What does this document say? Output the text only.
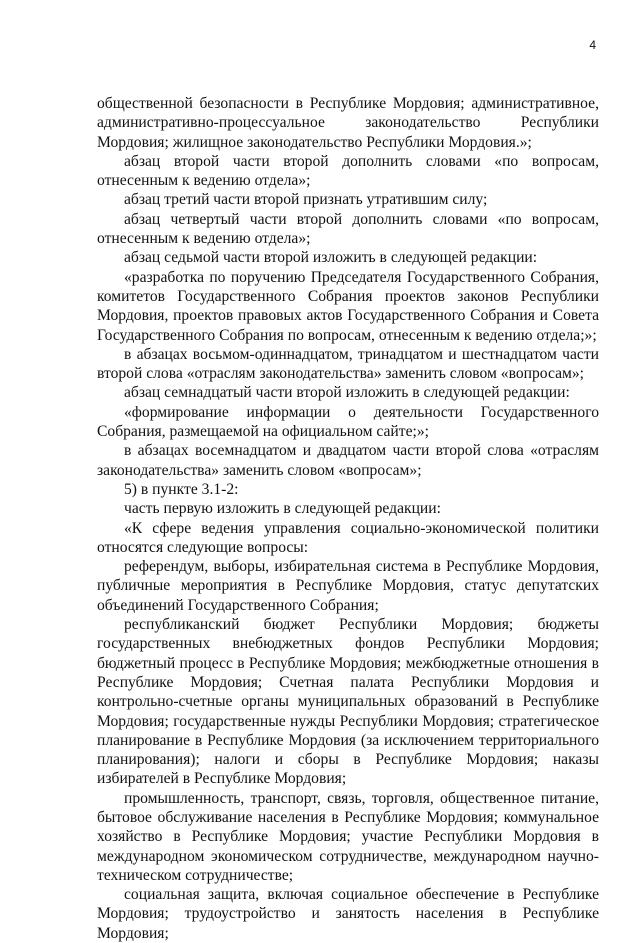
4

общественной безопасности в Республике Мордовия; административное, административно-процессуальное законодательство Республики Мордовия; жилищное законодательство Республики Мордовия.»;

абзац второй части второй дополнить словами «по вопросам, отнесенным к ведению отдела»;

абзац третий части второй признать утратившим силу;

абзац четвертый части второй дополнить словами «по вопросам, отнесенным к ведению отдела»;

абзац седьмой части второй изложить в следующей редакции:

«разработка по поручению Председателя Государственного Собрания, комитетов Государственного Собрания проектов законов Республики Мордовия, проектов правовых актов Государственного Собрания и Совета Государственного Собрания по вопросам, отнесенным к ведению отдела;»;

в абзацах восьмом-одиннадцатом, тринадцатом и шестнадцатом части второй слова «отраслям законодательства» заменить словом «вопросам»;

абзац семнадцатый части второй изложить в следующей редакции:

«формирование информации о деятельности Государственного Собрания, размещаемой на официальном сайте;»;

в абзацах восемнадцатом и двадцатом части второй слова «отраслям законодательства» заменить словом «вопросам»;

5) в пункте 3.1-2:

часть первую изложить в следующей редакции:

«К сфере ведения управления социально-экономической политики относятся следующие вопросы:

референдум, выборы, избирательная система в Республике Мордовия, публичные мероприятия в Республике Мордовия, статус депутатских объединений Государственного Собрания;

республиканский бюджет Республики Мордовия; бюджеты государственных внебюджетных фондов Республики Мордовия; бюджетный процесс в Республике Мордовия; межбюджетные отношения в Республике Мордовия; Счетная палата Республики Мордовия и контрольно-счетные органы муниципальных образований в Республике Мордовия; государственные нужды Республики Мордовия; стратегическое планирование в Республике Мордовия (за исключением территориального планирования); налоги и сборы в Республике Мордовия; наказы избирателей в Республике Мордовия;

промышленность, транспорт, связь, торговля, общественное питание, бытовое обслуживание населения в Республике Мордовия; коммунальное хозяйство в Республике Мордовия; участие Республики Мордовия в международном экономическом сотрудничестве, международном научно-техническом сотрудничестве;

социальная защита, включая социальное обеспечение в Республике Мордовия; трудоустройство и занятость населения в Республике Мордовия;
